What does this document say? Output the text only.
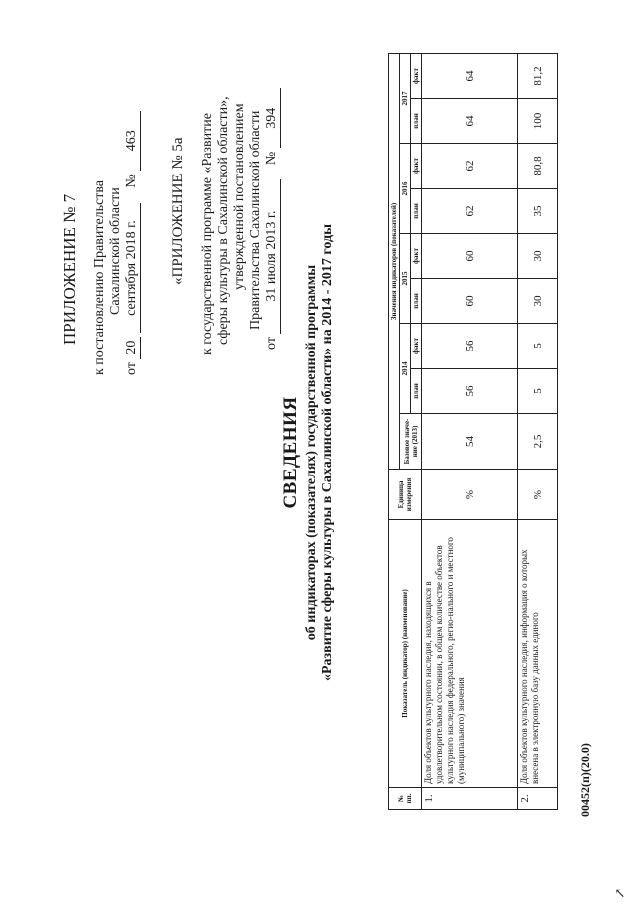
ПРИЛОЖЕНИЕ № 7 к постановлению Правительства Сахалинской области
от 20 сентября 2018 г. № 463 «ПРИЛОЖЕНИЕ № 5а к государственной программе «Развитие сферы культуры в Сахалинской области», утвержденной постановлением Правительства Сахалинской области
от 31 июля 2013 г. № 394
СВЕДЕНИЯ об индикаторах (показателях) государственной программы «Развитие сферы культуры в Сахалинской области» на 2014 - 2017 годы
№ пп.	Показатель (индикатор) (наименование)	Единица измерения	Значения индикаторов (показателей)								
			Базовое значе-ние (2013)	2014		2015		2016		2017	
				план	факт	план	факт	план	факт	план	факт
1.	Доля объектов культурного наследия, находящихся в удовлетворительном состоянии, в общем количестве объектов культурного наследия федерального, регио-нального и местного (муниципального) значения	%	54	56	56	60	60	62	62	64	64
2.	Доля объектов культурного наследия, информация о которых внесена в электронную базу данных единого	%	2,5	5	5	30	30	35	80,8	100	81,2
00452(п)(20.0)
↖
